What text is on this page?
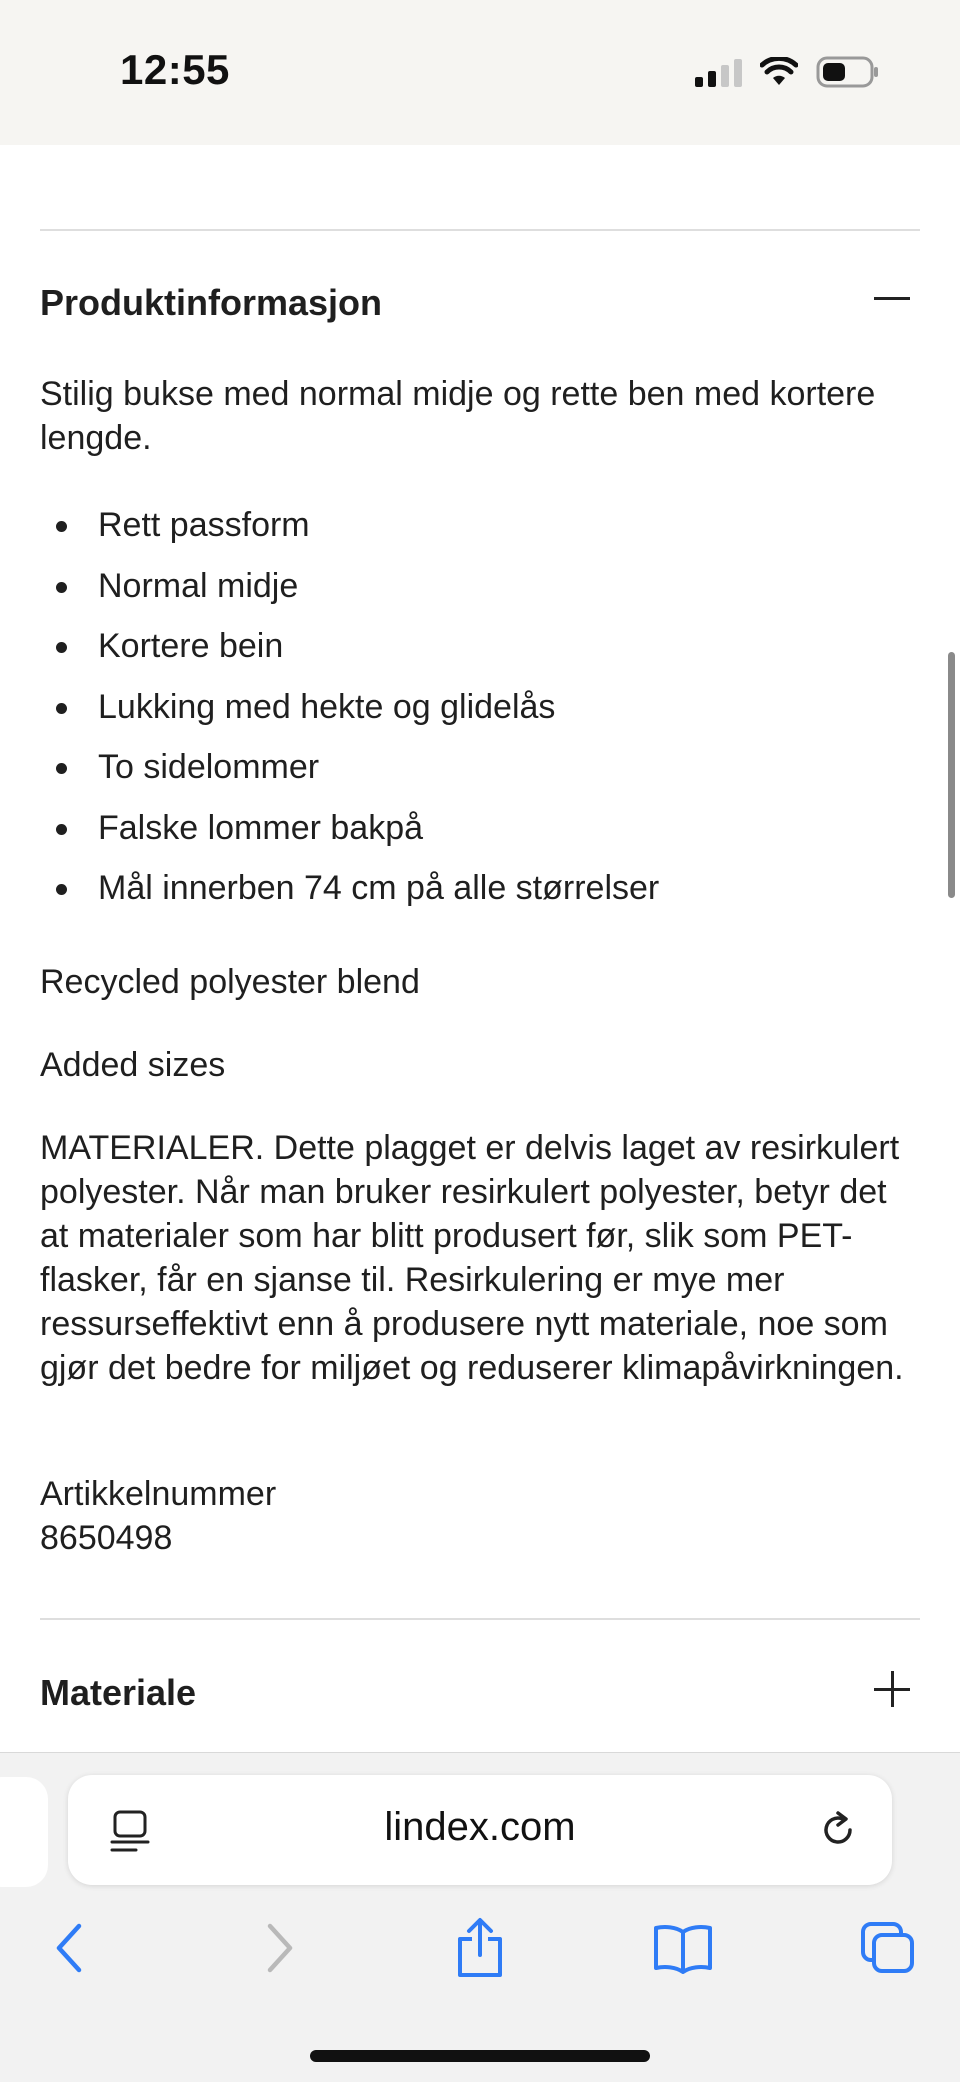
12:55
Produktinformasjon
Stilig bukse med normal midje og rette ben med kortere lengde.
Rett passform
Normal midje
Kortere bein
Lukking med hekte og glidelås
To sidelommer
Falske lommer bakpå
Mål innerben 74 cm på alle størrelser
Recycled polyester blend
Added sizes
MATERIALER. Dette plagget er delvis laget av resirkulert polyester. Når man bruker resirkulert polyester, betyr det at materialer som har blitt produsert før, slik som PET-flasker, får en sjanse til. Resirkulering er mye mer ressurseffektivt enn å produsere nytt materiale, noe som gjør det bedre for miljøet og reduserer klimapåvirkningen.
Artikkelnummer
8650498
Materiale
lindex.com
